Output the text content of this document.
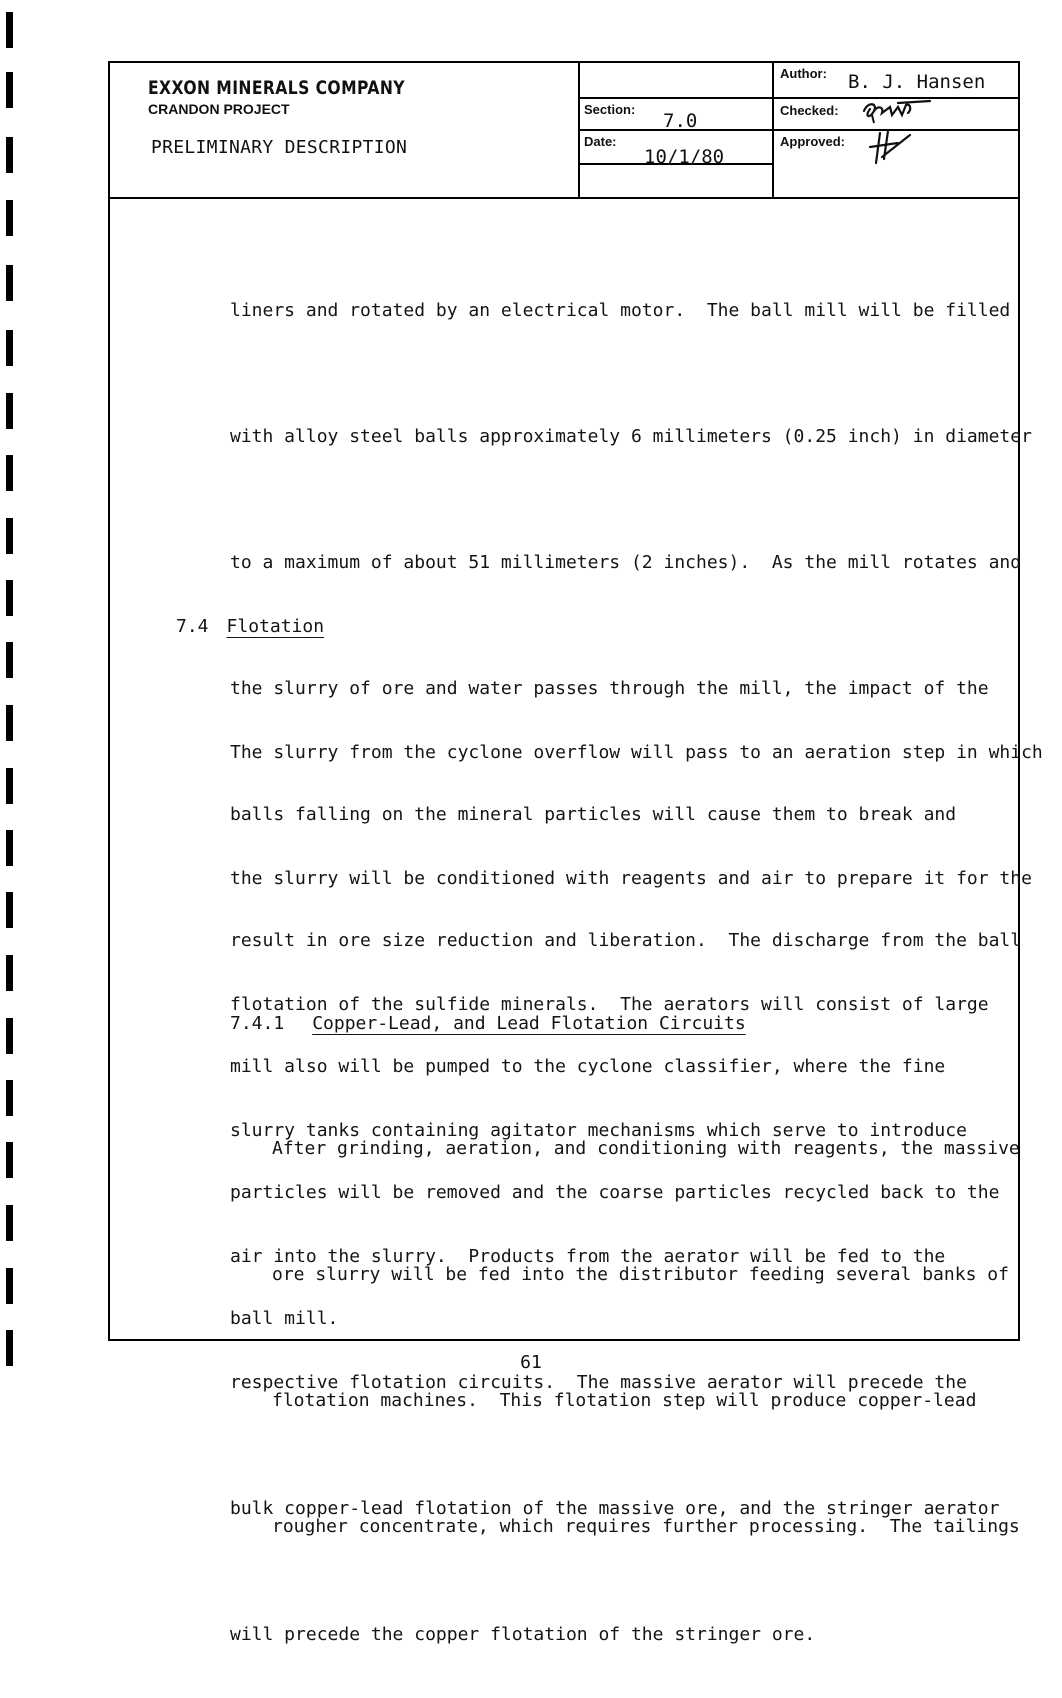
EXXON MINERALS COMPANY
CRANDON PROJECT
PRELIMINARY DESCRIPTION
Section:
7.0
Date:
10/1/80
Author: B. J. Hansen
Checked:
Approved:

liners and rotated by an electrical motor.  The ball mill will be filled

with alloy steel balls approximately 6 millimeters (0.25 inch) in diameter

to a maximum of about 51 millimeters (2 inches).  As the mill rotates and

the slurry of ore and water passes through the mill, the impact of the

balls falling on the mineral particles will cause them to break and

result in ore size reduction and liberation.  The discharge from the ball

mill also will be pumped to the cyclone classifier, where the fine

particles will be removed and the coarse particles recycled back to the

ball mill.

7.4 Flotation

The slurry from the cyclone overflow will pass to an aeration step in which

the slurry will be conditioned with reagents and air to prepare it for the

flotation of the sulfide minerals.  The aerators will consist of large

slurry tanks containing agitator mechanisms which serve to introduce

air into the slurry.  Products from the aerator will be fed to the

respective flotation circuits.  The massive aerator will precede the

bulk copper-lead flotation of the massive ore, and the stringer aerator

will precede the copper flotation of the stringer ore.

7.4.1 Copper-Lead, and Lead Flotation Circuits

After grinding, aeration, and conditioning with reagents, the massive

ore slurry will be fed into the distributor feeding several banks of

flotation machines.  This flotation step will produce copper-lead

rougher concentrate, which requires further processing.  The tailings

61
